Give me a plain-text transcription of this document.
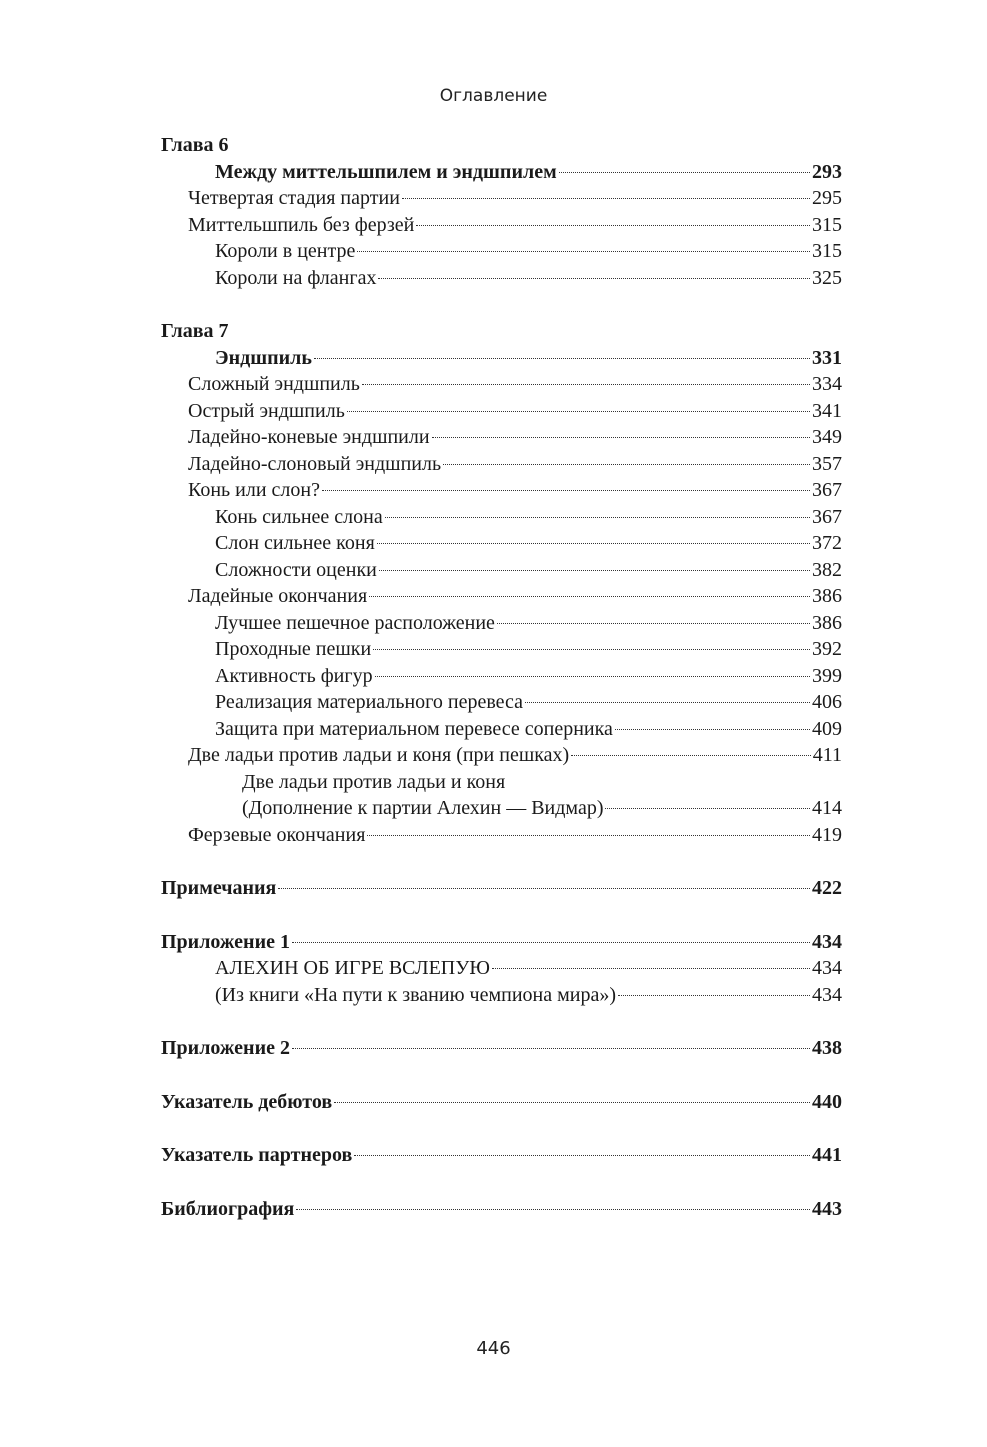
Оглавление
Глава 6
Между миттельшпилем и эндшпилем	293
Четвертая стадия партии	295
Миттельшпиль без ферзей	315
Короли в центре	315
Короли на флангах	325
Глава 7
Эндшпиль	331
Сложный эндшпиль	334
Острый эндшпиль	341
Ладейно-коневые эндшпили	349
Ладейно-слоновый эндшпиль	357
Конь или слон?	367
Конь сильнее слона	367
Слон сильнее коня	372
Сложности оценки	382
Ладейные окончания	386
Лучшее пешечное расположение	386
Проходные пешки	392
Активность фигур	399
Реализация материального перевеса	406
Защита при материальном перевесе соперника	409
Две ладьи против ладьи и коня (при пешках)	411
Две ладьи против ладьи и коня
(Дополнение к партии Алехин — Видмар)	414
Ферзевые окончания	419
Примечания	422
Приложение 1	434
АЛЕХИН ОБ ИГРЕ ВСЛЕПУЮ	434
(Из книги «На пути к званию чемпиона мира»)	434
Приложение 2	438
Указатель дебютов	440
Указатель партнеров	441
Библиография	443
446
